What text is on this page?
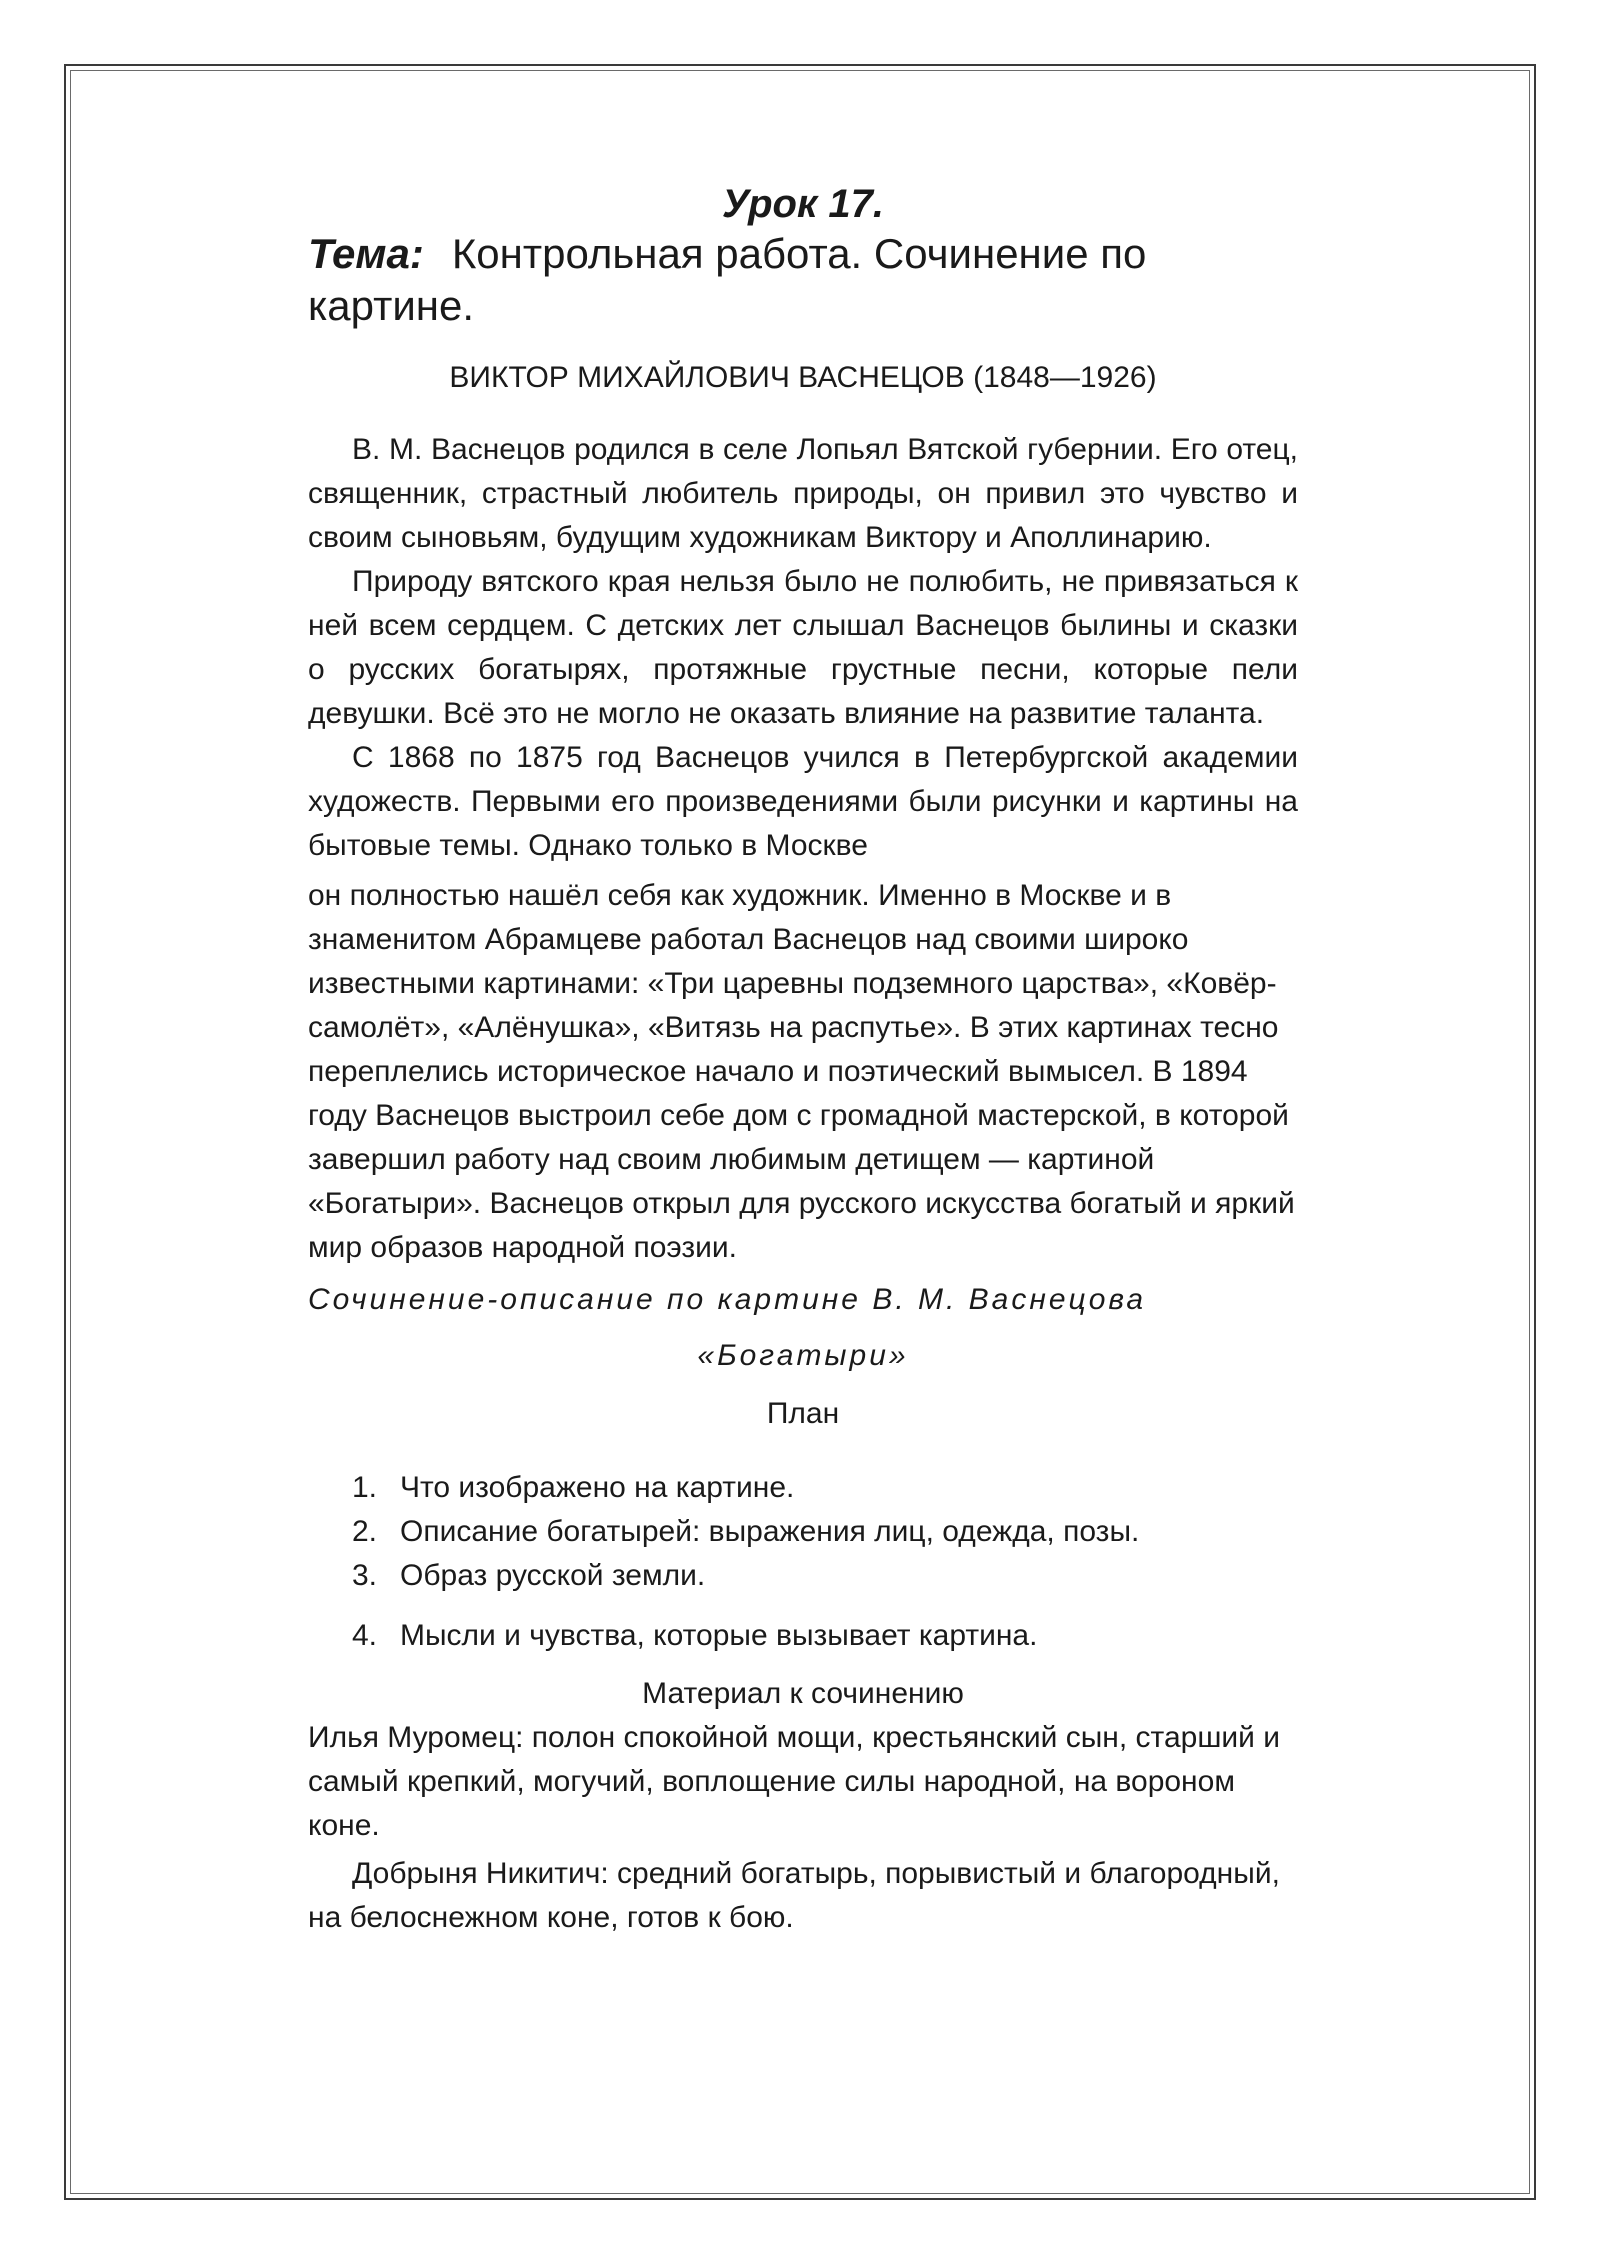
Урок 17.

Тема: Контрольная работа. Сочинение по картине.

ВИКТОР МИХАЙЛОВИЧ ВАСНЕЦОВ (1848—1926)

В. М. Васнецов родился в селе Лопьял Вятской губернии. Его отец, священник, страстный любитель природы, он привил это чувство и своим сыновьям, будущим художникам Виктору и Аполлинарию.

Природу вятского края нельзя было не полюбить, не привязаться к ней всем сердцем. С детских лет слышал Васнецов былины и сказки о русских богатырях, протяжные грустные песни, которые пели девушки. Всё это не могло не оказать влияние на развитие таланта.

С 1868 по 1875 год Васнецов учился в Петербургской академии художеств. Первыми его произведениями были рисунки и картины на бытовые темы. Однако только в Москве

он полностью нашёл себя как художник. Именно в Москве и в знаменитом Абрамцеве работал Васнецов над своими широко известными картинами: «Три царевны подземного царства», «Ковёр-самолёт», «Алёнушка», «Витязь на распутье». В этих картинах тесно переплелись историческое начало и поэтический вымысел. В 1894 году Васнецов выстроил себе дом с громадной мастерской, в которой завершил работу над своим любимым детищем — картиной «Богатыри». Васнецов открыл для русского искусства богатый и яркий мир образов народной поэзии.

Сочинение-описание по картине В. М. Васнецова

«Богатыри»

План

1. Что изображено на картине.
2. Описание богатырей: выражения лиц, одежда, позы.
3. Образ русской земли.
4. Мысли и чувства, которые вызывает картина.

Материал к сочинению

Илья Муромец: полон спокойной мощи, крестьянский сын, старший и самый крепкий, могучий, воплощение силы народной, на вороном коне.

Добрыня Никитич: средний богатырь, порывистый и благородный, на белоснежном коне, готов к бою.
